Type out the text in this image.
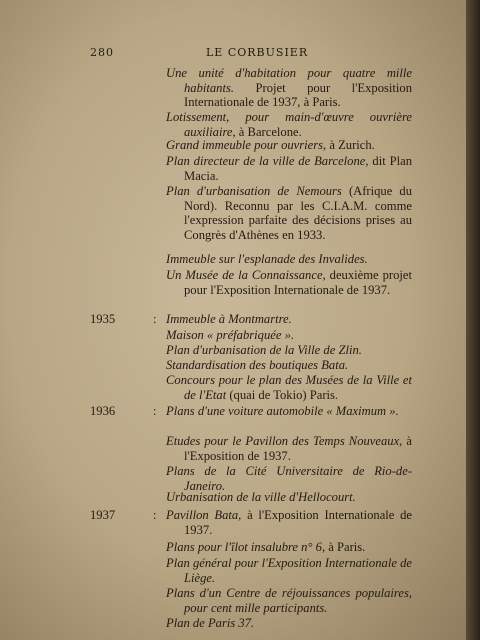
280	LE CORBUSIER
Une unité d'habitation pour quatre mille habitants. Projet pour l'Exposition Internationale de 1937, à Paris.
Lotissement, pour main-d'œuvre ouvrière auxiliaire, à Barcelone.
Grand immeuble pour ouvriers, à Zurich.
Plan directeur de la ville de Barcelone, dit Plan Macia.
Plan d'urbanisation de Nemours (Afrique du Nord). Reconnu par les C.I.A.M. comme l'expression parfaite des décisions prises au Congrès d'Athènes en 1933.
Immeuble sur l'esplanade des Invalides.
Un Musée de la Connaissance, deuxième projet pour l'Exposition Internationale de 1937.
1935	: Immeuble à Montmartre.
Maison « préfabriquée ».
Plan d'urbanisation de la Ville de Zlin.
Standardisation des boutiques Bata.
Concours pour le plan des Musées de la Ville et de l'Etat (quai de Tokio) Paris.
1936	: Plans d'une voiture automobile « Maximum ».
Etudes pour le Pavillon des Temps Nouveaux, à l'Exposition de 1937.
Plans de la Cité Universitaire de Rio-de-Janeiro.
Urbanisation de la ville d'Hellocourt.
1937	: Pavillon Bata, à l'Exposition Internationale de 1937.
Plans pour l'îlot insalubre n° 6, à Paris.
Plan général pour l'Exposition Internationale de Liège.
Plans d'un Centre de réjouissances populaires, pour cent mille participants.
Plan de Paris 37.
